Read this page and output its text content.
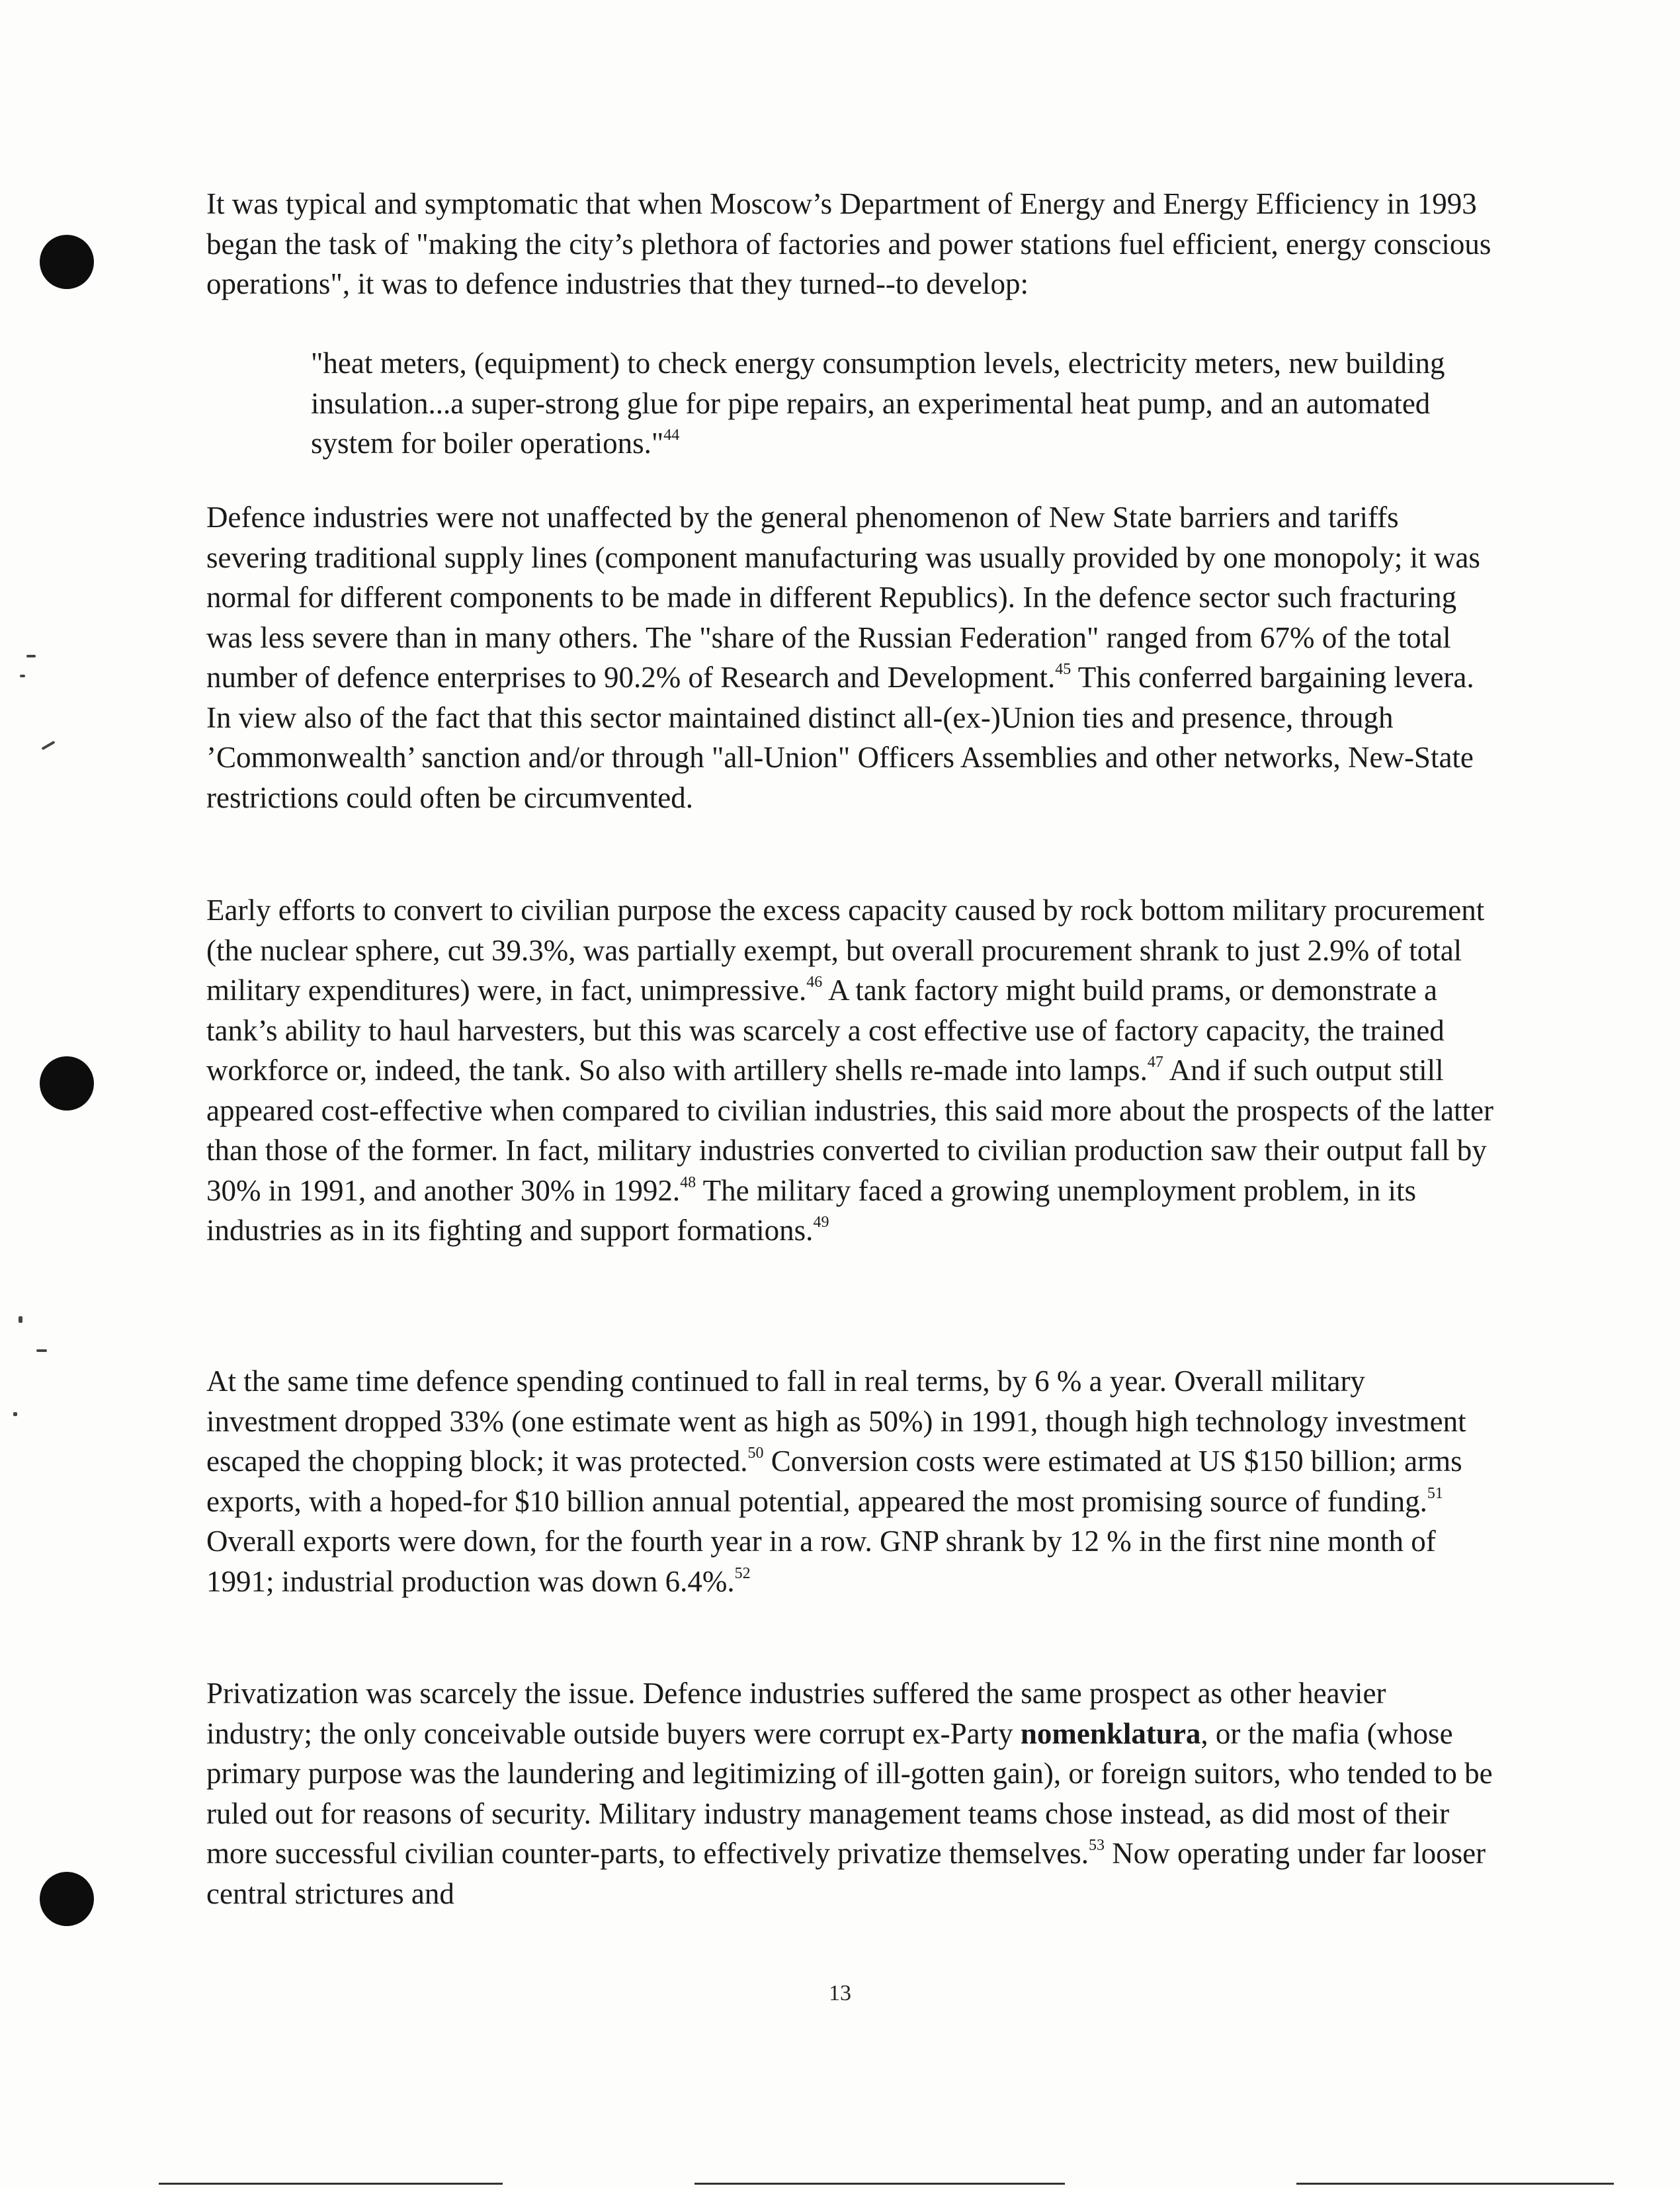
It was typical and symptomatic that when Moscow’s Department of Energy and Energy Efficiency in 1993 began the task of "making the city’s plethora of factories and power stations fuel efficient, energy conscious operations", it was to defence industries that they turned--to develop:

"heat meters, (equipment) to check energy consumption levels, electricity meters, new building insulation...a super-strong glue for pipe repairs, an experimental heat pump, and an automated system for boiler operations."$^{44}$

Defence industries were not unaffected by the general phenomenon of New State barriers and tariffs severing traditional supply lines (component manufacturing was usually provided by one monopoly; it was normal for different components to be made in different Republics). In the defence sector such fracturing was less severe than in many others. The "share of the Russian Federation" ranged from 67% of the total number of defence enterprises to 90.2% of Research and Development.$^{45}$ This conferred bargaining levera. In view also of the fact that this sector maintained distinct all-(ex-)Union ties and presence, through ’Commonwealth’ sanction and/or through "all-Union" Officers Assemblies and other networks, New-State restrictions could often be circumvented.

Early efforts to convert to civilian purpose the excess capacity caused by rock bottom military procurement (the nuclear sphere, cut 39.3%, was partially exempt, but overall procurement shrank to just 2.9% of total military expenditures) were, in fact, unimpressive.$^{46}$ A tank factory might build prams, or demonstrate a tank’s ability to haul harvesters, but this was scarcely a cost effective use of factory capacity, the trained workforce or, indeed, the tank. So also with artillery shells re-made into lamps.$^{47}$ And if such output still appeared cost-effective when compared to civilian industries, this said more about the prospects of the latter than those of the former. In fact, military industries converted to civilian production saw their output fall by 30% in 1991, and another 30% in 1992.48 The military faced a growing unemployment problem, in its industries as in its fighting and support formations.$^{49}$

At the same time defence spending continued to fall in real terms, by 6 % a year. Overall military investment dropped 33% (one estimate went as high as 50%) in 1991, though high technology investment escaped the chopping block; it was protected.$^{50}$ Conversion costs were estimated at US $150 billion; arms exports, with a hoped-for $10 billion annual potential, appeared the most promising source of funding.$^{51}$ Overall exports were down, for the fourth year in a row. GNP shrank by 12 % in the first nine month of 1991; industrial production was down 6.4%.$^{52}$

Privatization was scarcely the issue. Defence industries suffered the same prospect as other heavier industry; the only conceivable outside buyers were corrupt ex-Party nomenklatura, or the mafia (whose primary purpose was the laundering and legitimizing of ill-gotten gain), or foreign suitors, who tended to be ruled out for reasons of security. Military industry management teams chose instead, as did most of their more successful civilian counter-parts, to effectively privatize themselves.$^{53}$ Now operating under far looser central strictures and

13
